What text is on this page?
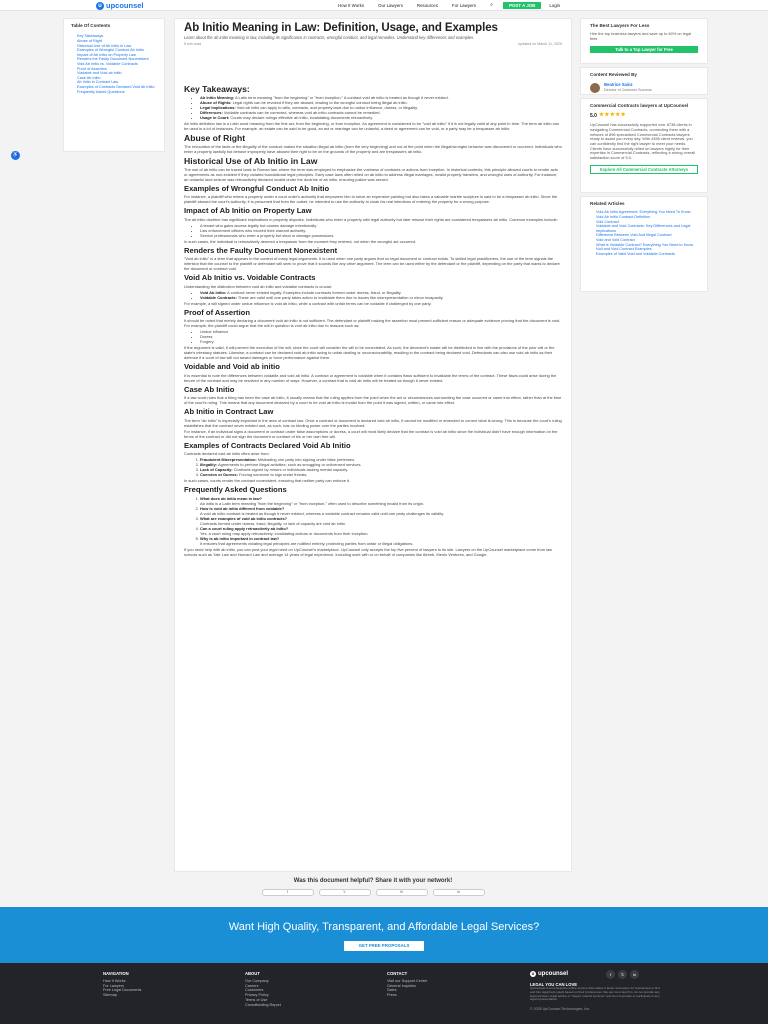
u upcounsel	How It Works	Our Lawyers	Resources	For Lawyers	⌕	POST A JOB	Login
Table Of Contents
Key Takeaways
Abuse of Right
Historical Use of Ab Initio in Law
Examples of Wrongful Conduct Ab Initio
Impact of Ab Initio on Property Law
Renders the Faulty Document Nonexistent
Void Ab Initio vs. Voidable Contracts
Proof of Assertion
Voidable and Void ab initio
Case Ab Initio
Ab Initio in Contract Law
Examples of Contracts Declared Void Ab Initio
Frequently Asked Questions
♿
Ab Initio Meaning in Law: Definition, Usage, and Examples

Learn about the ab initio meaning in law, including its significance in contracts, wrongful conduct, and legal remedies. Understand key differences and examples.

5 min read	updated on March 11, 2025
Key Takeaways:
• Ab Initio Meaning: A Latin term meaning "from the beginning" or "from inception." A contract void ab initio is treated as though it never existed.
• Abuse of Rights: Legal rights can be revoked if they are abused, leading to the wrongful conduct being illegal ab initio.
• Legal Implications: Void ab initio can apply to wills, contracts, and property laws due to undue influence, duress, or illegality.
• Differences: Voidable contracts can be corrected, whereas void ab initio contracts cannot be remedied.
• Usage in Court: Courts may declare rulings effective ab initio, invalidating documents retroactively.

Ab initio definition law is a Latin word meaning from the first act, from the beginning, or from inception. An agreement is considered to be "void ab initio" if it is not legally valid at any point in time. The term ab initio can be used in a lot of instances. For example, an estate can be said to be good, an act or marriage can be unlawful, a deed or agreement can be void, or a party may be a trespasser ab initio.

Abuse of Right

The revocation of the facts or the illegality of the conduct makes the situation illegal ab initio (from the very beginning) and not at the point when the illegal/wrongful behavior was discovered or occurred. Individuals who enter a property lawfully but behave improperly have abused their right to be on the grounds of the property and are trespassers ab initio.

Historical Use of Ab Initio in Law

The use of ab initio can be traced back to Roman law, where the term was employed to emphasize the voidness of contracts or actions from inception. In historical contexts, this principle allowed courts to render acts or agreements as non-existent if they violated foundational legal principles. Early case laws often relied on ab initio to address illegal marriages, invalid property transfers, and wrongful uses of authority. For instance, an unlawful land seizure was retroactively declared invalid under the doctrine of ab initio, ensuring justice was served.

Examples of Wrongful Conduct Ab Initio

For instance, a plaintiff who enters a property under a court order's authority that empowers him to seize an expensive painting but also takes a valuable marble sculpture is said to be a trespasser ab initio. Since the plaintiff abused the court's authority, it is presumed that from the outset, he intended to use the authority to cloak his real intentions of entering the property for a wrong purpose.

Impact of Ab Initio on Property Law

The ab initio doctrine has significant implications in property disputes. Individuals who enter a property with legal authority but later misuse their rights are considered trespassers ab initio. Common examples include:

• A tenant who gains access legally but causes damage intentionally.
• Law enforcement officers who exceed their warrant authority.
• Service professionals who enter a property but steal or damage possessions.

In such cases, the individual is retroactively deemed a trespasser from the moment they entered, not when the wrongful act occurred.

Renders the Faulty Document Nonexistent

"Void ab initio" is a term that appears in the context of many legal arguments. It is used when one party argues that no legal document or contract exists. To skilled legal practitioners, the use of the term signals the intention that the counsel to the plaintiff or defendant will seek to prove that it sounds like any other argument. The term can be used either by the defendant or the plaintiff, depending on the party that wants to declare the document or contract void.

Void Ab Initio vs. Voidable Contracts

Understanding the distinction between void ab initio and voidable contracts is crucial:

• Void Ab Initio: A contract never existed legally. Examples include contracts formed under duress, fraud, or illegality.
• Voidable Contracts: These are valid until one party takes action to invalidate them due to issues like misrepresentation or minor incapacity.

For example, a will signed under undue influence is void ab initio, while a contract with unfair terms can be voidable if challenged by one party.

Proof of Assertion

It should be noted that merely declaring a document void ab initio is not sufficient. The defendant or plaintiff making the assertion must present sufficient reason or adequate evidence proving that the document is void. For example, the plaintiff could argue that the will in question is void ab initio due to reasons such as:

• Undue influence
• Duress
• Forgery

If the argument is valid, it will prevent the execution of the will, since the court will consider the will to be nonexistent. As such, the decedent's estate will be distributed in line with the provisions of the prior will or the state's intestacy statutes. Likewise, a contract can be declared void ab initio owing to unfair dealing or unconscionability, resulting in the contract being declared void. Defendants can also use void ab initio as their defense if a court of law will not award damages or force performance against them.

Voidable and Void ab initio

It is essential to note the differences between voidable and void ab initio. A contract or agreement is voidable when it contains flaws sufficient to invalidate the terms of the contract. These flaws could arise during the tenure of the contract and may be resolved in any number of ways. However, a contract that is void ab initio will be treated as though it never existed.

Case Ab Initio

If a law court rules that a thing has been the case ab initio, it usually means that the ruling applies from the point when the act or circumstances surrounding the case occurred or came into effect, rather than at the time of the court's ruling. This means that any document declared by a court to be void ab initio is invalid from the point it was signed, written, or came into effect.

Ab Initio in Contract Law

The term "ab initio" is especially important in the area of contract law. Once a contract or document is declared void ab initio, it cannot be modified or amended to correct what is wrong. This is because the court's ruling establishes that the contract never existed and, as such, has no binding power over the parties involved.

For instance, if an individual signs a document or contract under false assumptions or duress, a court will most likely declare that the contract is void ab initio since the individual didn't have enough information on the terms of the contract or did not sign the document or contract of his or her own free will.

Examples of Contracts Declared Void Ab Initio

Contracts declared void ab initio often arise from:

1. Fraudulent Misrepresentation: Misleading one party into signing under false pretenses.
2. Illegality: Agreements to perform illegal activities, such as smuggling or unlicensed services.
3. Lack of Capacity: Contracts signed by minors or individuals lacking mental capacity.
4. Coercion or Duress: Forcing someone to sign under threats.

In such cases, courts render the contract nonexistent, ensuring that neither party can enforce it.

Frequently Asked Questions
1. What does ab initio mean in law?
Ab initio is a Latin term meaning "from the beginning" or "from inception," often used to describe something invalid from its origin.
2. How is void ab initio different from voidable?
A void ab initio contract is treated as though it never existed, whereas a voidable contract remains valid until one party challenges its validity.
3. What are examples of void ab initio contracts?
Contracts formed under duress, fraud, illegality, or lack of capacity are void ab initio.
4. Can a court ruling apply retroactively ab initio?
Yes, a court ruling may apply retroactively, invalidating actions or documents from their inception.
5. Why is ab initio important in contract law?
It ensures that agreements violating legal principles are nullified entirely, protecting parties from unfair or illegal obligations.

If you need help with ab initio, you can post your legal need on UpCounsel's marketplace. UpCounsel only accepts the top five percent of lawyers to its site. Lawyers on the UpCounsel marketplace come from law schools such as Yale Law and Harvard Law and average 14 years of legal experience, including work with or on behalf of companies like Airbnb, Menlo Ventures, and Google.

Was this document helpful? Share it with your network!
f	𝕏	✉	in
The Best Lawyers For Less
Hire the top business lawyers and save up to 60% on legal fees
Talk to a Top Lawyer for Free
Content Reviewed By
Beatrice Sainz
Director of Customer Success
Commercial Contracts lawyers at UpCounsel
5.0 ★★★★★
UpCounsel has successfully supported over 8738 clients in navigating Commercial Contracts, connecting them with a network of 896 specialized Commercial Contracts lawyers ready to assist you every day. With 4355 client reviews, you can confidently find the right lawyer to meet your needs. Clients have successfully relied on lawyers highly for their expertise in Commercial Contracts, reflecting a strong overall satisfaction score of 5.0.
Explore All Commercial Contracts Attorneys
Related Articles
Void Ab Initio Agreement: Everything You Need To Know
Void Ab Initio Contract Definition
Void Contract
Voidable and Void Contracts: Key Differences and Legal Implications
Difference Between Void And Illegal Contract
Void and Void Contract
What is Voidable Contract? Everything You Need to Know
Null and Void Contract Examples
Examples of Valid Void and Voidable Contracts
Want High Quality, Transparent, and Affordable Legal Services?
GET FREE PROPOSALS
NAVIGATION
How It Works
For Lawyers
Free Legal Documents
Sitemap
ABOUT
Our Company
Careers
Customers
Privacy Policy
Terms of Use
Crowdfunding Report
CONTACT
Visit our Support Center
General Inquiries
Sales
Press
u upcounsel	f	𝕏	in
LEGAL YOU CAN LOVE
UpCounsel is an interactive online service that makes it faster and easier for businesses to find and hire legal help solely based on their preferences. We are not a law firm, do not provide any legal services, legal advice or "lawyer referral services" and do not provide or participate in any legal representation.
© 2025 UpCounsel Technologies, Inc.
